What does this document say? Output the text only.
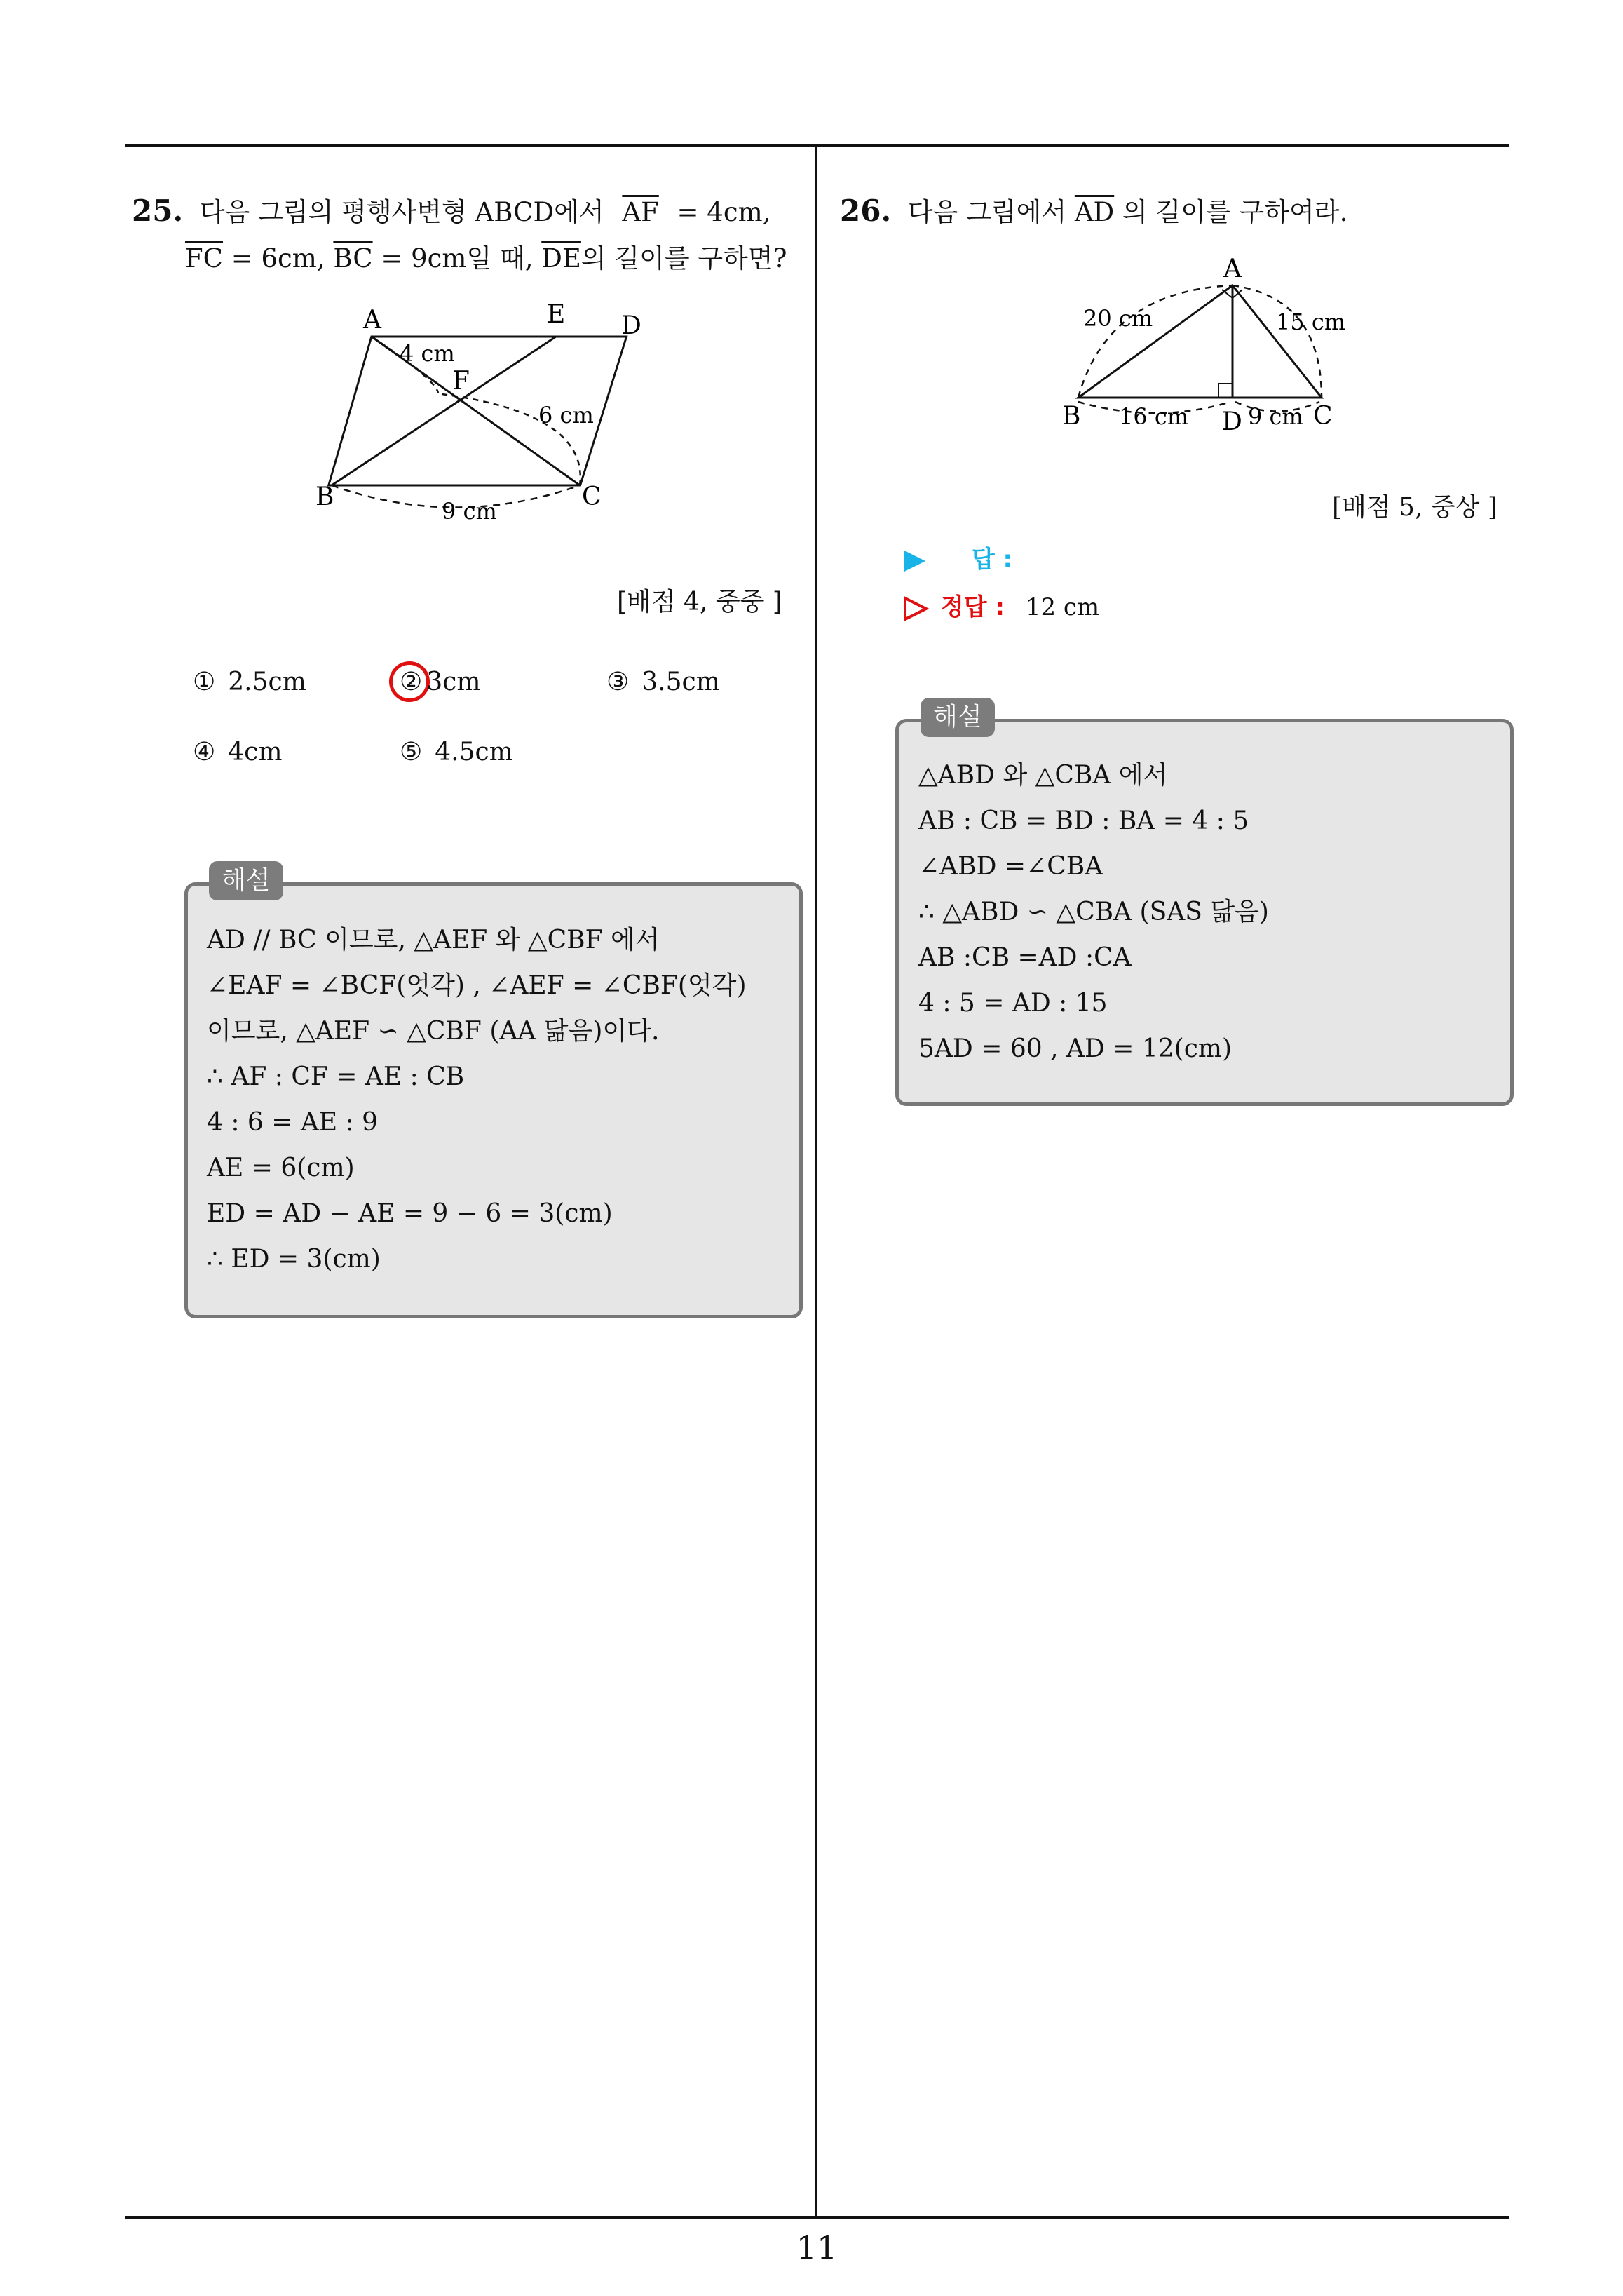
25. 다음 그림의 평행사변형 ABCD에서 $\overline{AF} = 4cm$,
$\overline{FC} = 6cm$, $\overline{BC} = 9cm$일 때, $\overline{DE}$의 길이를 구하면?
A	E D
F
B	C
4 cm
6 cm
9 cm
[배점 4, 중중 ]
① 2.5cm	② 3cm	③ 3.5cm
④ 4cm	⑤ 4.5cm
해설
AD // BC 이므로, △AEF 와 △CBF 에서
∠EAF = ∠BCF(엇각) , ∠AEF = ∠CBF(엇각)
이므로, △AEF ∽ △CBF (AA 닮음)이다.
∴ AF : CF = AE : CB
4 : 6 = AE : 9
AE = 6(cm)
ED = AD − AE = 9 − 6 = 3(cm)
∴ ED = 3(cm)
26. 다음 그림에서 $\overline{AD}$ 의 길이를 구하여라.
A
B	C
D
20 cm	15 cm
16 cm	9 cm
[배점 5, 중상 ]
답 :
정답 : 12 cm
해설
△ABD 와 △CBA 에서
AB : CB = BD : BA = 4 : 5
∠ABD =∠CBA
∴ △ABD ∽ △CBA (SAS 닮음)
AB :CB =AD :CA
4 : 5 = AD : 15
5AD = 60 , AD = 12(cm)
11
